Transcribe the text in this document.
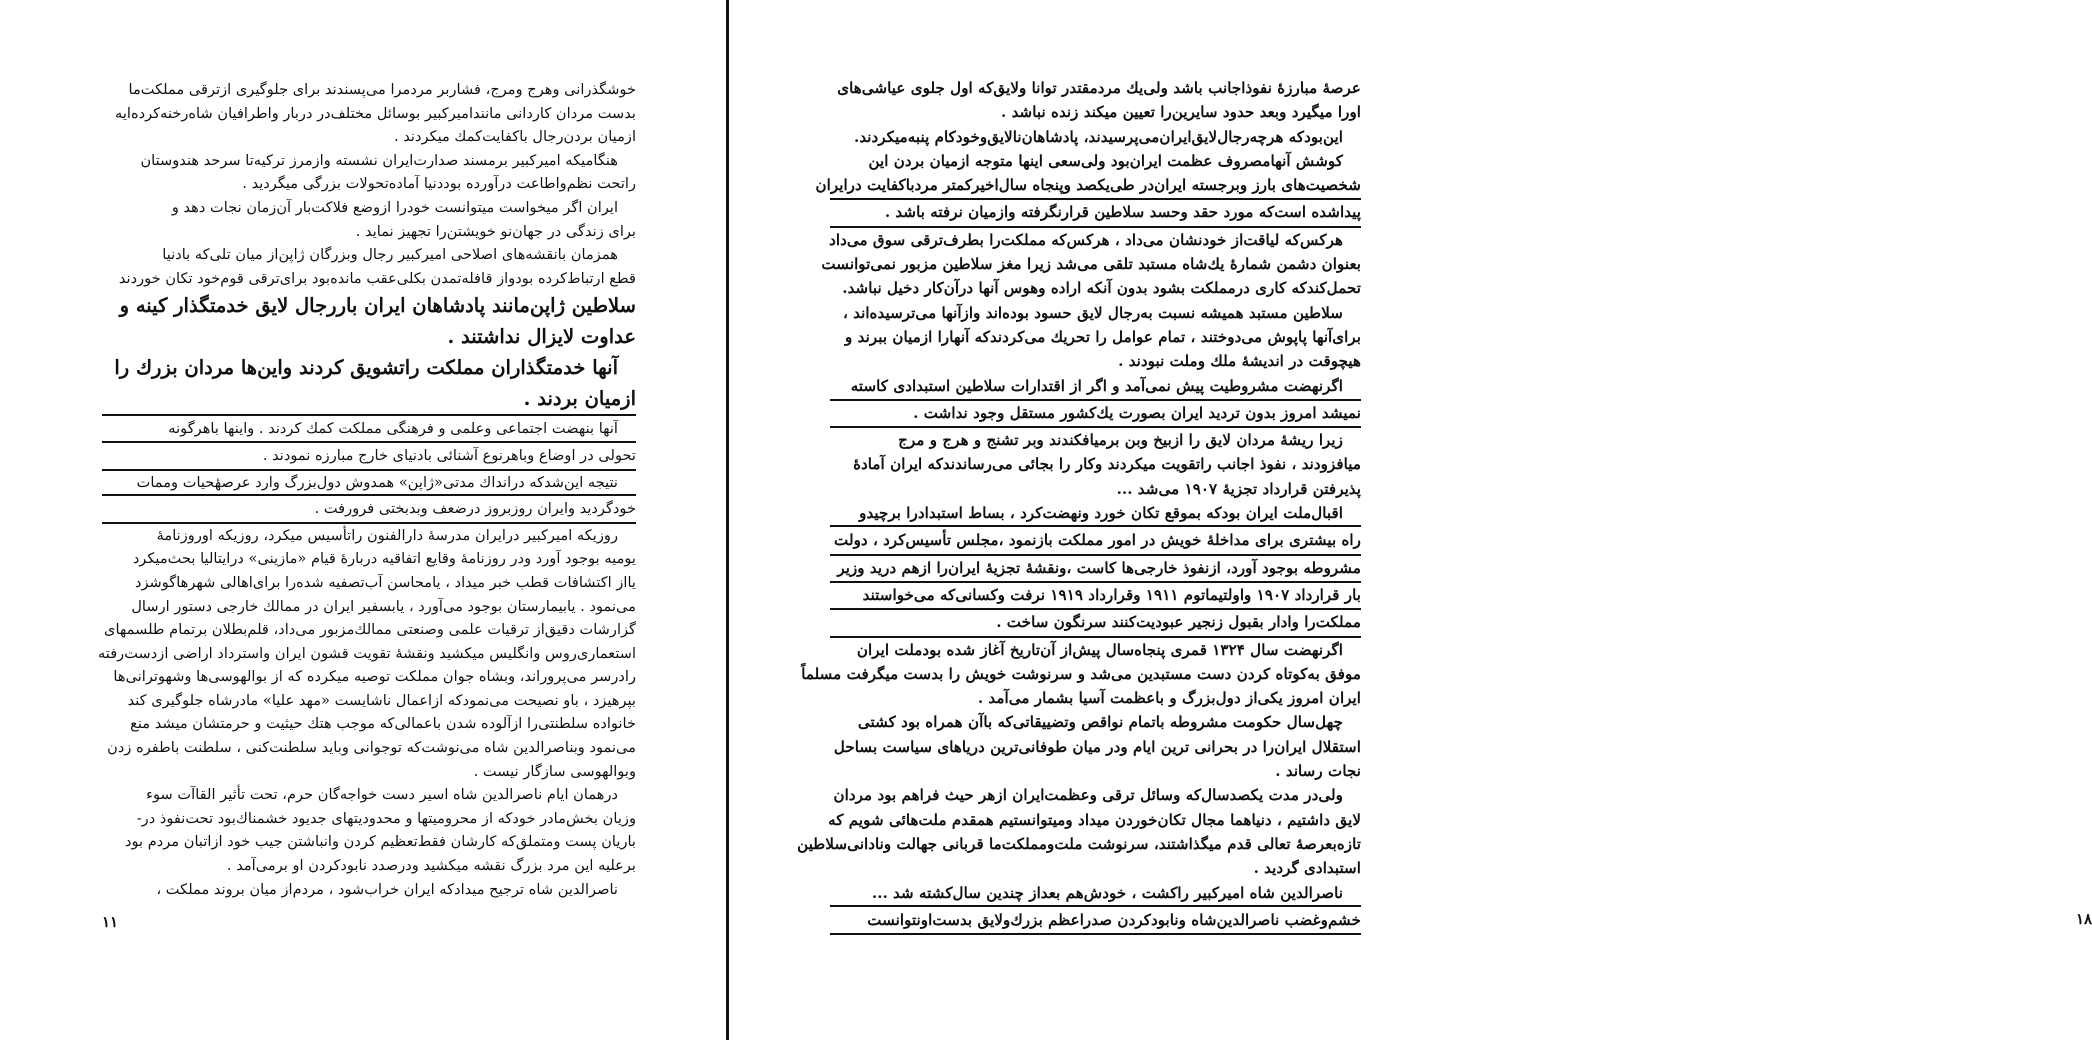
خوشگذرانی وهرج ومرج، فشاربر مردمرا می‌پسندند برای جلوگیری ازترقی مملکت‌ما
بدست مردان کاردانی مانندامیرکبیر بوسائل مختلف‌در دربار واطرافیان شاه‌رخنه‌کرده‌ایه
ازمیان بردن‌رجال باکفایت‌کمك میکردند .
هنگامیکه امیرکبیر برمسند صدارت‌ایران نشسته وازمرز ترکیه‌تا سرحد هندوستان
راتحت نظم‌واطاعت درآورده بوددنیا آماده‌تحولات بزرگی میگردید .
ایران اگر میخواست میتوانست خودرا ازوضع فلاکت‌بار آن‌زمان نجات دهد و
برای زندگی در جهان‌نو خویشتن‌را تجهیز نماید .
همزمان بانقشه‌های اصلاحی امیرکبیر رجال وبزرگان ژاپن‌از میان تلی‌که بادنیا
قطع ارتباط‌کرده بودواز قافله‌تمدن بکلی‌عقب مانده‌بود برای‌ترقی قوم‌خود تکان خوردند
سلاطین ژاپن‌مانند پادشاهان ایران باررجال لایق خدمتگذار کینه و
عداوت لایزال نداشتند .
آنها خدمتگذاران مملکت راتشویق کردند واین‌ها مردان بزرك را
ازمیان بردند .
آنها بنهضت اجتماعی وعلمی و فرهنگی مملکت کمك کردند . واینها باهرگونه
تحولی در اوضاع وباهرنوع آشنائی بادنیای خارج مبارزه نمودند .
نتیجه این‌شدکه درانداك مدتی«ژاپن» همدوش دول‌بزرگ وارد عرصهٔحیات وممات
خودگردید وایران روزبروز درضعف وبدبختی فرورفت .
روزیکه امیرکبیر درایران مدرسهٔ دارالفنون راتأسیس میکرد، روزیکه اوروزنامهٔ
یومیه بوجود آورد ودر روزنامهٔ وقایع اتفاقیه دربارهٔ قیام «مازینی» درایتالیا بحث‌میکرد
یااز اکتشافات قطب خبر میداد ، یامحاسن آب‌تصفیه شده‌را برای‌اهالی شهرهاگوشزد
می‌نمود . یابیمارستان بوجود می‌آورد ، یابسفیر ایران در ممالك خارجی دستور ارسال
گزارشات دقیق‌از ترقیات علمی وصنعتی ممالك‌مزبور می‌داد، قلم‌بطلان برتمام طلسمهای
استعماری‌روس وانگلیس میکشید ونقشهٔ تقویت قشون ایران واسترداد اراضی ازدست‌رفته
رادرسر می‌پروراند، وبشاه جوان مملکت توصیه میکرده که از بوالهوسی‌ها وشهوترانی‌ها
بپرهیزد ، باو نصیحت می‌نمودکه ازاعمال ناشایست «مهد علیا» مادرشاه جلوگیری کند
خانواده سلطنتی‌را ازآلوده شدن باعمالی‌که موجب هتك حیثیت و حرمتشان میشد منع
می‌نمود وبناصرالدین شاه می‌نوشت‌که توجوانی وباید سلطنت‌کنی ، سلطنت باطفره زدن
وبوالهوسی سازگار نیست .
درهمان ایام ناصرالدین شاه اسیر دست خواجه‌گان حرم، تحت تأثیر القاآت سوء
وزیان بخش‌مادر خودکه از محرومیتها و محدودیتهای جدیود خشمناك‌بود تحت‌نفوذ در-
باریان پست ومتملق‌که کارشان فقط‌تعظیم کردن وانباشتن جیب خود ازاتبان مردم بود
برعلیه این مرد بزرگ نقشه میکشید ودرصدد نابودکردن او برمی‌آمد .
ناصرالدین شاه ترجیح میدادکه ایران خراب‌شود ، مردم‌از میان بروند مملکت ،
۱۱
عرصهٔ مبارزهٔ نفوذاجانب باشد ولی‌یك مردمقتدر توانا ولایق‌که اول جلوی عیاشی‌های
اورا میگیرد وبعد حدود سایرین‌را تعیین میکند زنده نباشد .
این‌بودکه هرچه‌رجال‌لایق‌ایران‌می‌پرسیدند، پادشاهان‌نالایق‌وخودکام پنبه‌میکردند.
کوشش آنهامصروف عظمت ایران‌بود ولی‌سعی اینها متوجه ازمیان بردن این
شخصیت‌های بارز وبرجسته ایران‌در طی‌یکصد وپنجاه سال‌اخیرکمتر مردباکفایت درایران
پیداشده است‌که مورد حقد وحسد سلاطین قرارنگرفته وازمیان نرفته باشد .
هرکس‌که لیاقت‌از خودنشان می‌داد ، هرکس‌که مملکت‌را بطرف‌ترقی سوق می‌داد
بعنوان دشمن شمارهٔ یك‌شاه مستبد تلقی می‌شد زیرا مغز سلاطین مزبور نمی‌توانست
تحمل‌کندکه کاری درمملکت بشود بدون آنکه اراده وهوس آنها درآن‌کار دخیل نباشد.
سلاطین مستبد همیشه نسبت بەرجال لایق حسود بوده‌اند وازآنها می‌ترسیده‌اند ،
برای‌آنها پاپوش می‌دوختند ، تمام عوامل را تحریك می‌کردندکه آنهارا ازمیان ببرند و
هیچوقت در اندیشهٔ ملك وملت نبودند .
اگرنهضت مشروطیت پیش نمی‌آمد و اگر از اقتدارات سلاطین استبدادی کاسته
نمیشد امروز بدون تردید ایران بصورت یك‌کشور مستقل وجود نداشت .
زیرا ریشهٔ مردان لایق را ازبیخ وبن برمیافکندند وبر تشنج و هرج و مرج
میافزودند ، نفوذ اجانب راتقویت میکردند وکار را بجائی می‌رساندندکه ایران آمادهٔ
پذیرفتن قرارداد تجزیهٔ ۱۹۰۷ می‌شد ...
اقبال‌ملت ایران بودکه بموقع تکان خورد ونهضت‌کرد ، بساط استبدادرا برچیدو
راه بیشتری برای مداخلهٔ خویش در امور مملکت بازنمود ،مجلس تأسیس‌کرد ، دولت
مشروطه بوجود آورد، ازنفوذ خارجی‌ها کاست ،ونقشهٔ تجزیهٔ ایران‌را ازهم درید وزیر
بار قرارداد ۱۹۰۷ واولتیماتوم ۱۹۱۱ وقرارداد ۱۹۱۹ نرفت وکسانی‌که می‌خواستند
مملکت‌را وادار بقبول زنجیر عبودیت‌کنند سرنگون ساخت .
اگرنهضت سال ۱۳۲۴ قمری پنجاه‌سال پیش‌از آن‌تاریخ آغاز شده بودملت ایران
موفق به‌کوتاه کردن دست مستبدین می‌شد و سرنوشت خویش را بدست میگرفت مسلماً
ایران امروز یکی‌از دول‌بزرگ و باعظمت آسیا بشمار می‌آمد .
چهل‌سال حکومت مشروطه باتمام نواقص وتضییقاتی‌که باآن همراه بود کشتی
استقلال ایران‌را در بحرانی ترین ایام ودر میان طوفانی‌ترین دریاهای سیاست بساحل
نجات رساند .
ولی‌در مدت یکصدسال‌که وسائل ترقی وعظمت‌ایران ازهر حیث فراهم بود مردان
لایق داشتیم ، دنیاهما مجال تکان‌خوردن میداد ومیتوانستیم همقدم ملت‌هائی شویم که
تازه‌بعرصهٔ تعالی قدم میگذاشتند، سرنوشت ملت‌ومملکت‌ما قربانی جهالت ونادانی‌سلاطین
استبدادی گردید .
ناصرالدین شاه امیرکبیر راکشت ، خودش‌هم بعداز چندین سال‌کشته شد ...
خشم‌وغضب ناصرالدین‌شاه ونابودکردن صدراعظم بزرك‌ولایق بدست‌اونتوانست	۱۸
